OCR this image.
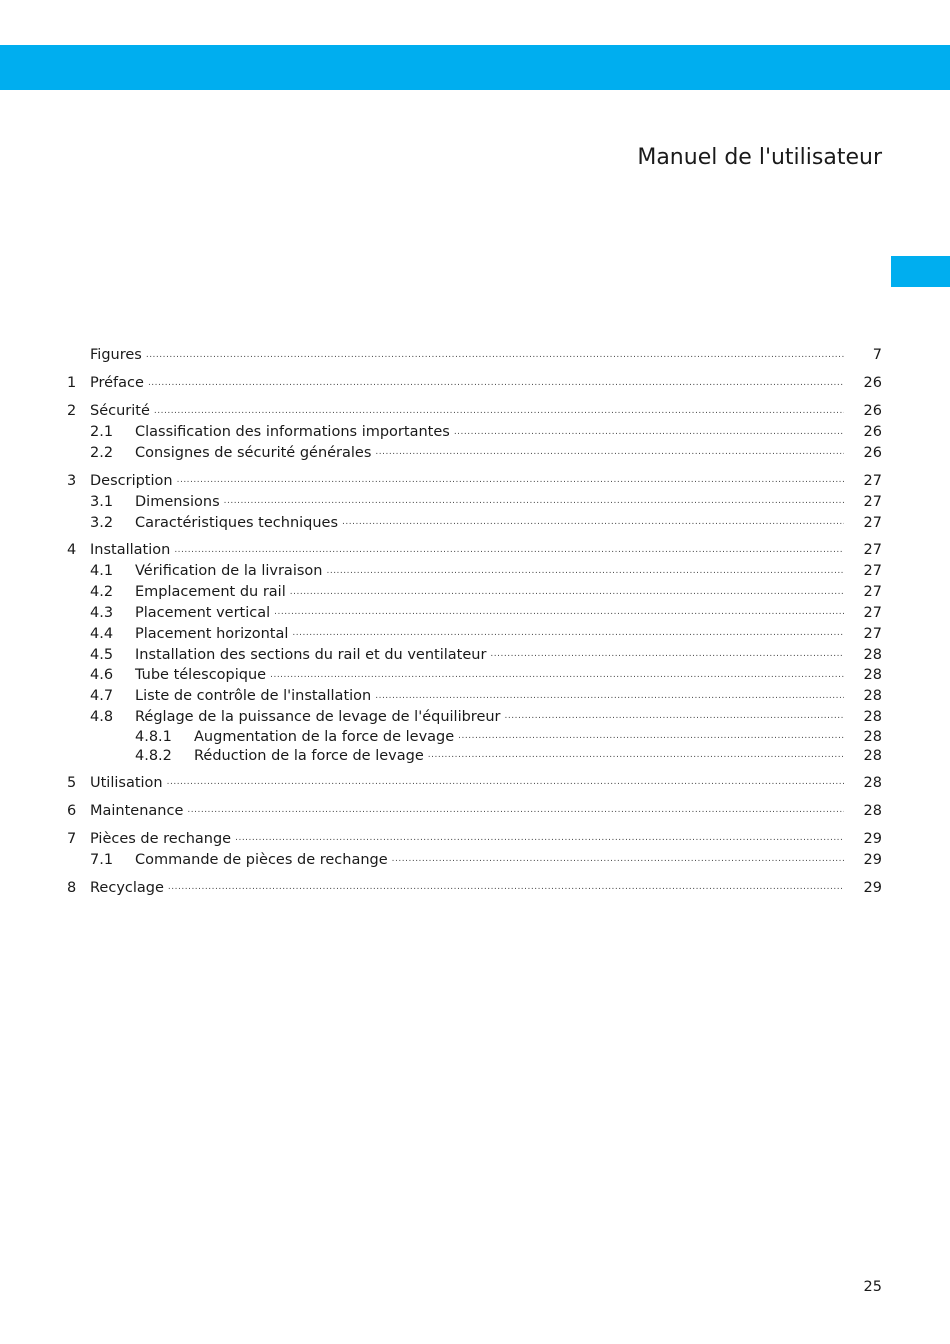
Manuel de l'utilisateur
Figures .....	7
1 Préface .....	26
2 Sécurité .....	26
2.1	Classification des informations importantes .....	26
2.2	Consignes de sécurité générales .....	26
3 Description .....	27
3.1	Dimensions .....	27
3.2	Caractéristiques techniques .....	27
4 Installation .....	27
4.1	Vérification de la livraison .....	27
4.2	Emplacement du rail .....	27
4.3	Placement vertical .....	27
4.4	Placement horizontal .....	27
4.5	Installation des sections du rail et du ventilateur .....	28
4.6	Tube télescopique .....	28
4.7	Liste de contrôle de l'installation .....	28
4.8	Réglage de la puissance de levage de l'équilibreur .....	28
4.8.1	Augmentation de la force de levage .....	28
4.8.2	Réduction de la force de levage .....	28
5 Utilisation .....	28
6 Maintenance .....	28
7 Pièces de rechange .....	29
7.1	Commande de pièces de rechange .....	29
8 Recyclage .....	29
25
